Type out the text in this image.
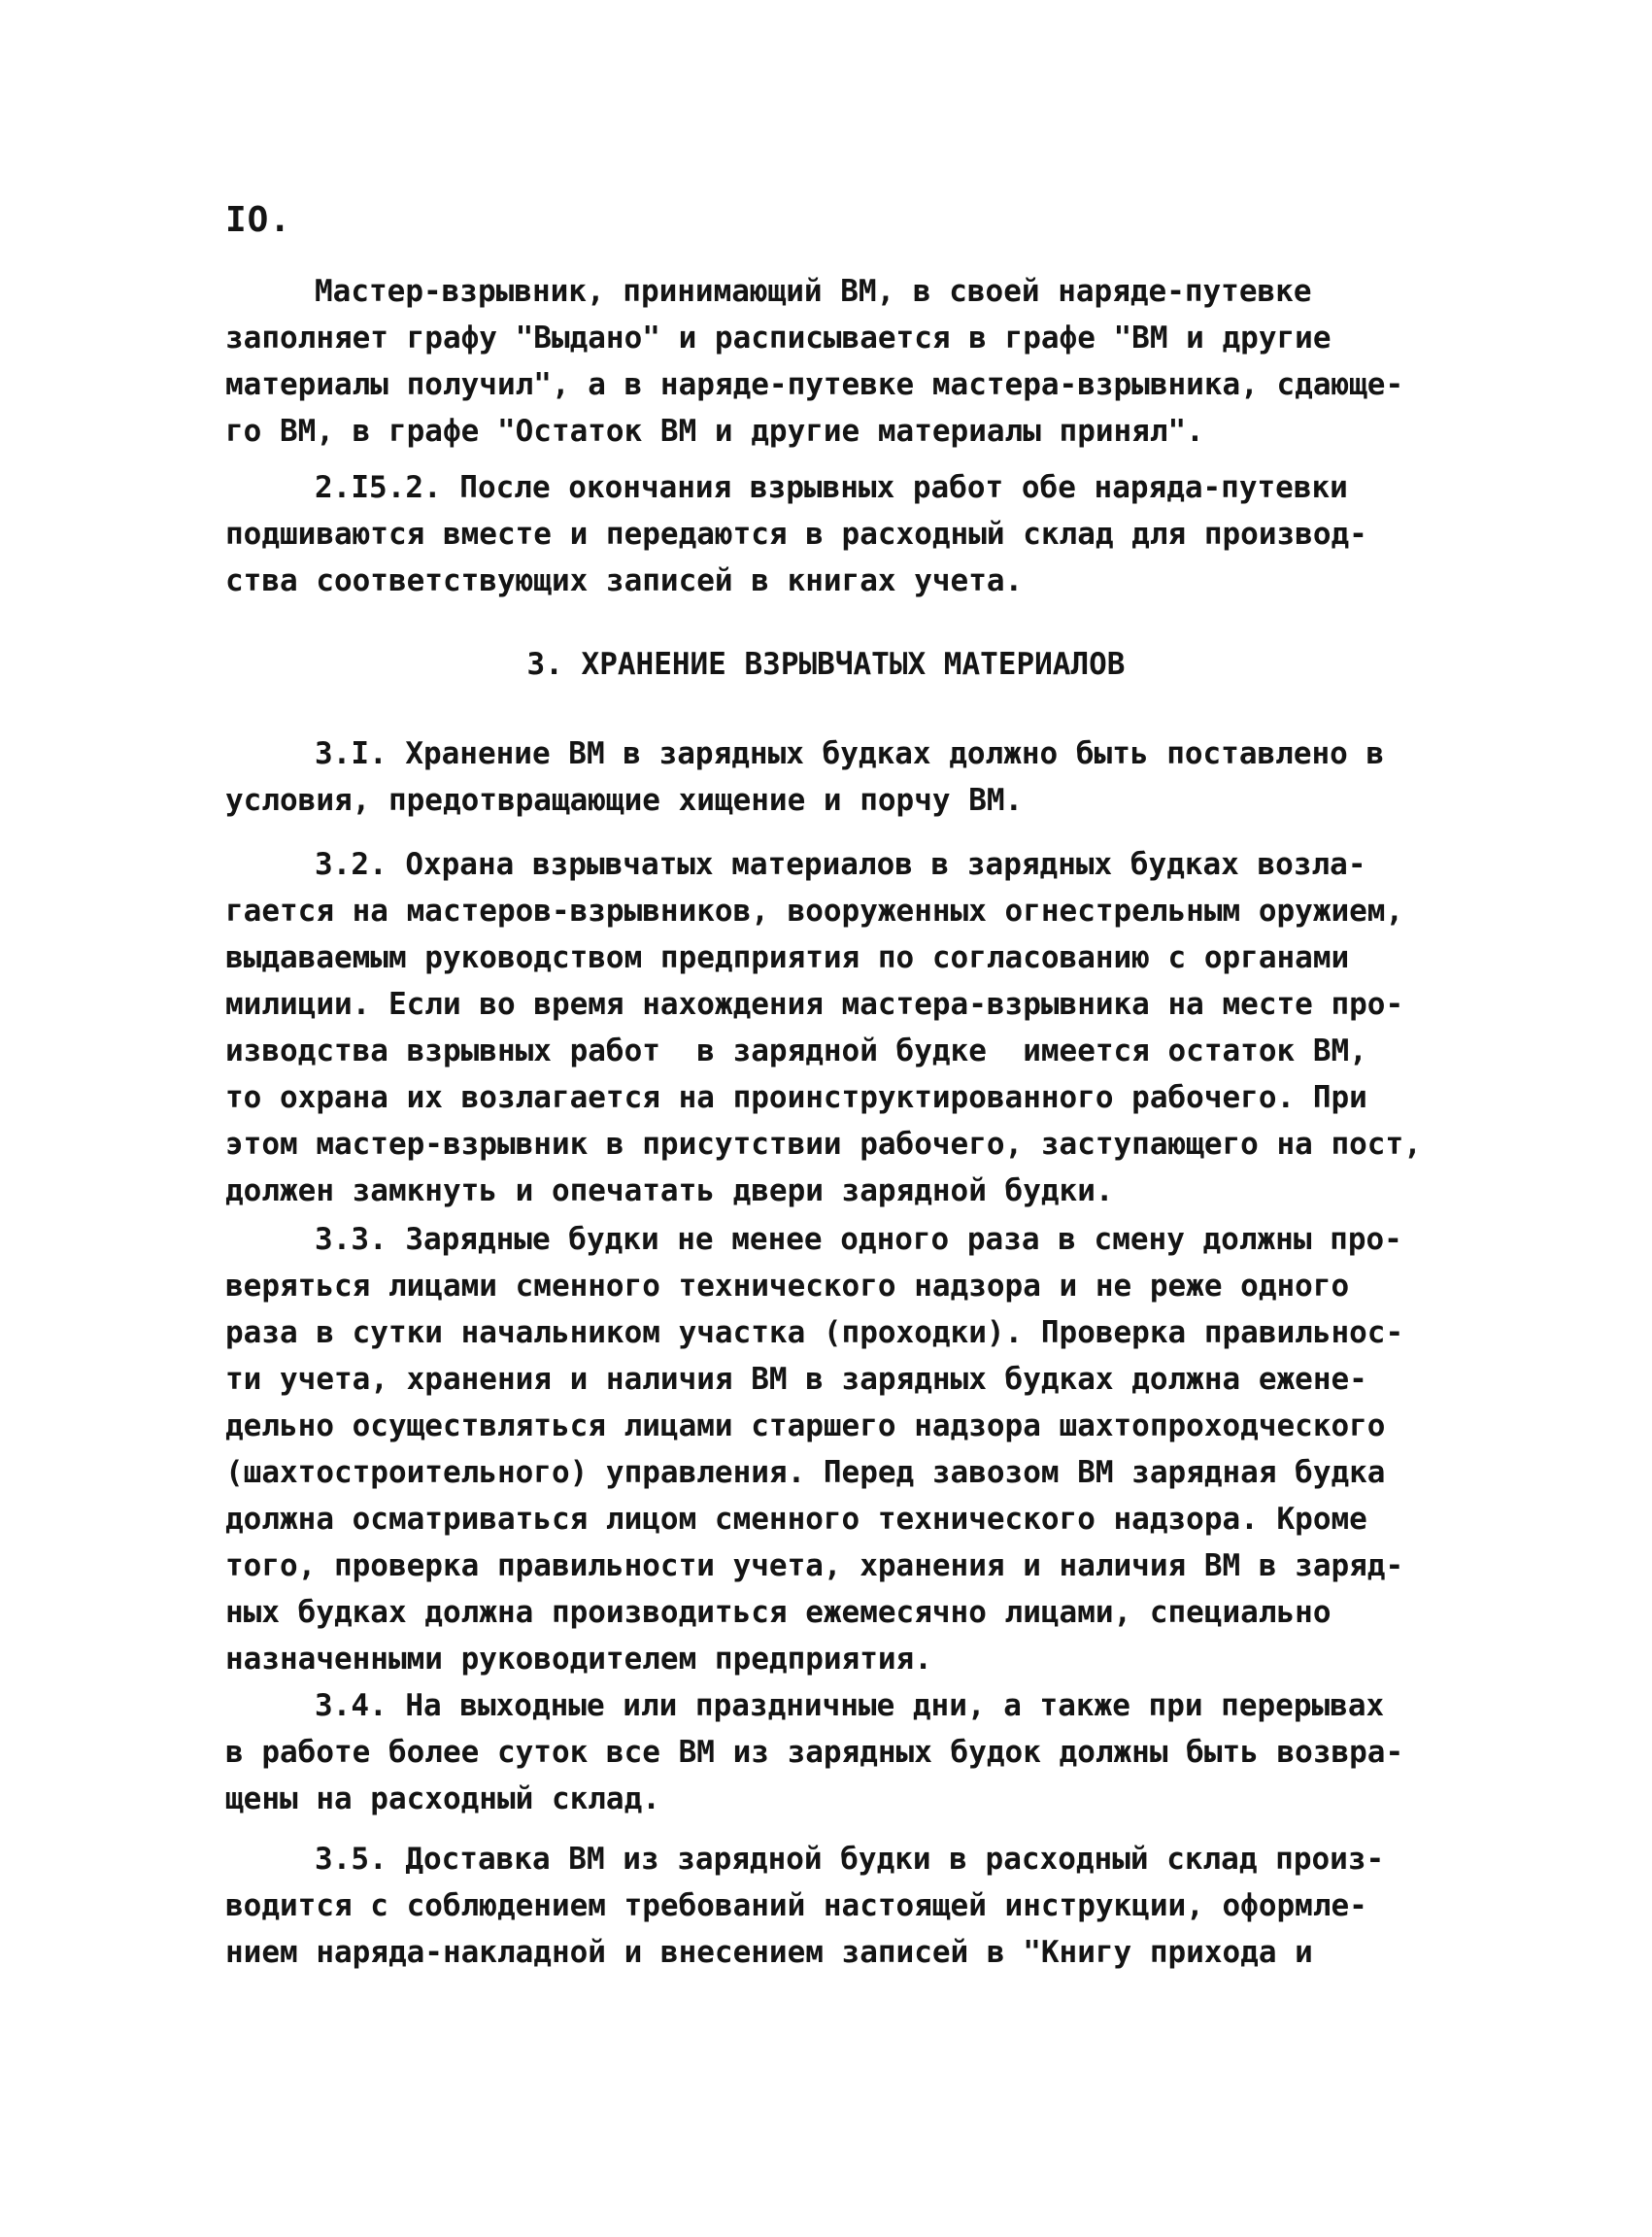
IO.
Мастер-взрывник, принимающий ВМ, в своей наряде-путевке
заполняет графу "Выдано" и расписывается в графе "ВМ и другие
материалы получил", а в наряде-путевке мастера-взрывника, сдающе-
го ВМ, в графе "Остаток ВМ и другие материалы принял".
2.I5.2. После окончания взрывных работ обе наряда-путевки
подшиваются вместе и передаются в расходный склад для производ-
ства соответствующих записей в книгах учета.
3. ХРАНЕНИЕ ВЗРЫВЧАТЫХ МАТЕРИАЛОВ
3.I. Хранение ВМ в зарядных будках должно быть поставлено в
условия, предотвращающие хищение и порчу ВМ.
3.2. Охрана взрывчатых материалов в зарядных будках возла-
гается на мастеров-взрывников, вооруженных огнестрельным оружием,
выдаваемым руководством предприятия по согласованию с органами
милиции. Если во время нахождения мастера-взрывника на месте про-
изводства взрывных работ  в зарядной будке  имеется остаток ВМ,
то охрана их возлагается на проинструктированного рабочего. При
этом мастер-взрывник в присутствии рабочего, заступающего на пост,
должен замкнуть и опечатать двери зарядной будки.
3.3. Зарядные будки не менее одного раза в смену должны про-
веряться лицами сменного технического надзора и не реже одного
раза в сутки начальником участка (проходки). Проверка правильнос-
ти учета, хранения и наличия ВМ в зарядных будках должна еженe-
дельно осуществляться лицами старшего надзора шахтопроходческого
(шахтостроительного) управления. Перед завозом ВМ зарядная будка
должна осматриваться лицом сменного технического надзора. Кроме
того, проверка правильности учета, хранения и наличия ВМ в заряд-
ных будках должна производиться ежемесячно лицами, специально
назначенными руководителем предприятия.
3.4. На выходные или праздничные дни, а также при перерывах
в работе более суток все ВМ из зарядных будок должны быть возвра-
щены на расходный склад.
3.5. Доставка ВМ из зарядной будки в расходный склад произ-
водится с соблюдением требований настоящей инструкции, оформле-
нием наряда-накладной и внесением записей в "Книгу прихода и
